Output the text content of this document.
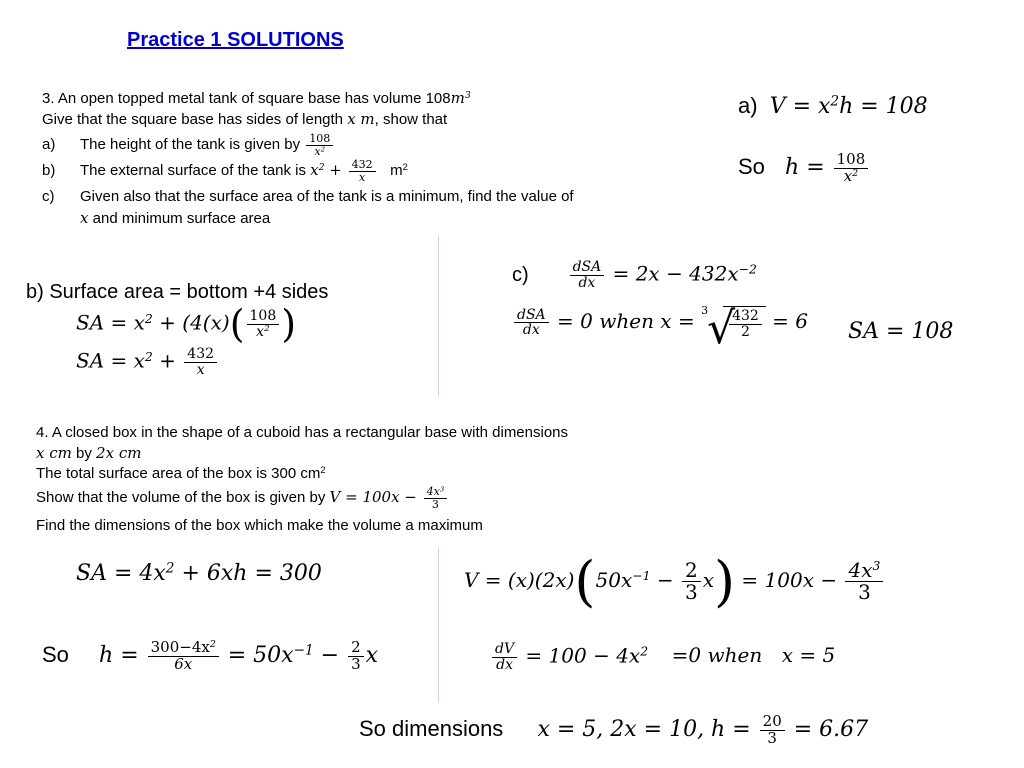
Practice 1 SOLUTIONS
3. An open topped metal tank of square base has volume $108m^3$
Give that the square base has sides of length x m, show that
a) The height of the tank is given by $\frac{108}{x^2}$
b) The external surface of the tank is $x^2 + \frac{432}{x} m^2$
c) Given also that the surface area of the tank is a minimum, find the value of
x and minimum surface area
a) $V = x^2h = 108$
So $h = \frac{108}{x^2}$
b) Surface area = bottom +4 sides
SA = $x^2 + (4(x)( \frac{108}{x^2}$ )
SA = $x^2 + \frac{432}{x}$
c)	$\frac{\text{dSA}}{dx} = 2x - 432x^{-2}$
$\frac{\text{dSA}}{dx} = 0$ when x = 3 √
$\frac{432}{2} = 6$ SA = 108
4. A closed box in the shape of a cuboid has a rectangular base with dimensions
x cm by 2x cm
The total surface area of the box is 300 $cm^2$
Show that the volume of the box is given by $V = 100x - \frac{4x^3}{3}$
Find the dimensions of the box which make the volume a maximum
SA = $4x^2 + 6xh = 300$
So $h = \frac{300-4x^2}{6x} = 50x^{-1} - \frac{2}{3}$ x
$V = (x)(2x)(50x^{-1} - \frac{2}{3} x) = 100x - \frac{4x^3}{3}$
$\frac{dV}{dx} = 100 - 4x^2 =0$ when x = 5
So dimensions x = 5, 2x = 10, $h = \frac{20}{3} = 6.67$
